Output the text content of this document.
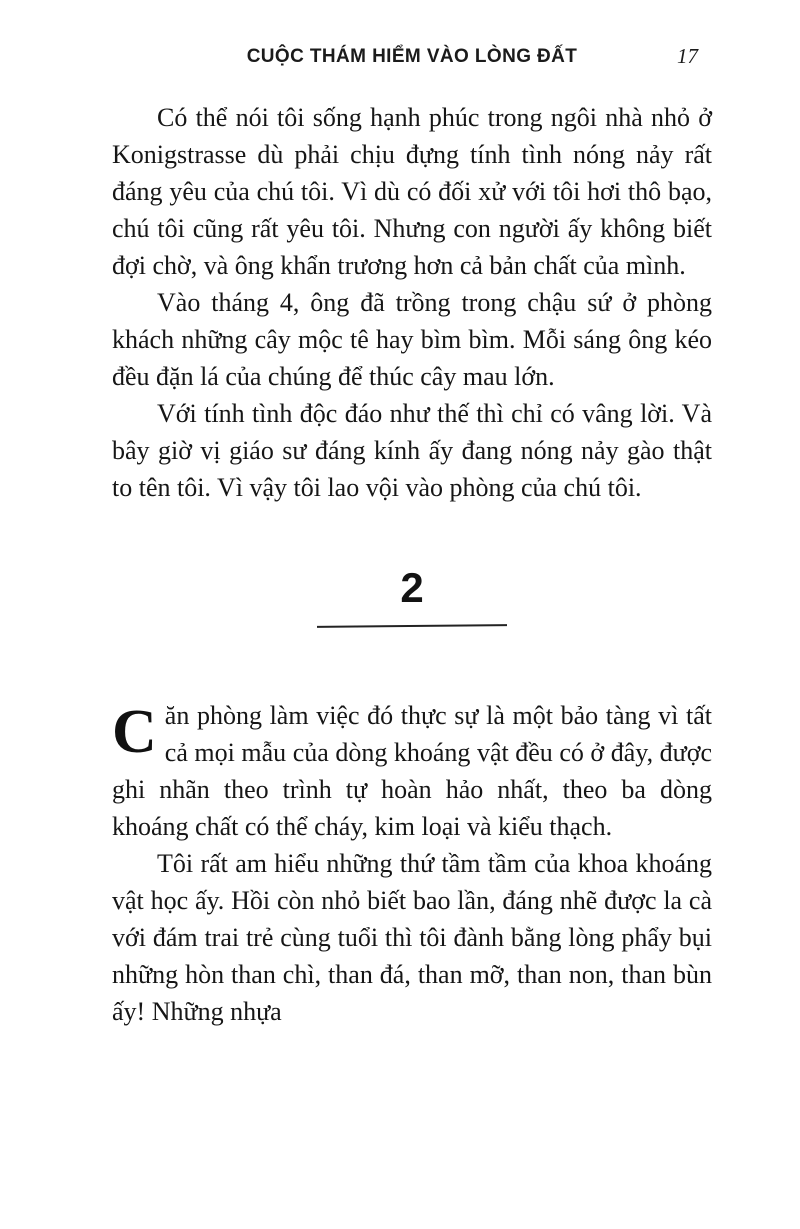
CUỘC THÁM HIỂM VÀO LÒNG ĐẤT	17

Có thể nói tôi sống hạnh phúc trong ngôi nhà nhỏ ở Konigstrasse dù phải chịu đựng tính tình nóng nảy rất đáng yêu của chú tôi. Vì dù có đối xử với tôi hơi thô bạo, chú tôi cũng rất yêu tôi. Nhưng con người ấy không biết đợi chờ, và ông khẩn trương hơn cả bản chất của mình.

Vào tháng 4, ông đã trồng trong chậu sứ ở phòng khách những cây mộc tê hay bìm bìm. Mỗi sáng ông kéo đều đặn lá của chúng để thúc cây mau lớn.

Với tính tình độc đáo như thế thì chỉ có vâng lời. Và bây giờ vị giáo sư đáng kính ấy đang nóng nảy gào thật to tên tôi. Vì vậy tôi lao vội vào phòng của chú tôi.

2

Căn phòng làm việc đó thực sự là một bảo tàng vì tất cả mọi mẫu của dòng khoáng vật đều có ở đây, được ghi nhãn theo trình tự hoàn hảo nhất, theo ba dòng khoáng chất có thể cháy, kim loại và kiểu thạch.

Tôi rất am hiểu những thứ tầm tầm của khoa khoáng vật học ấy. Hồi còn nhỏ biết bao lần, đáng nhẽ được la cà với đám trai trẻ cùng tuổi thì tôi đành bằng lòng phẩy bụi những hòn than chì, than đá, than mỡ, than non, than bùn ấy! Những nhựa
